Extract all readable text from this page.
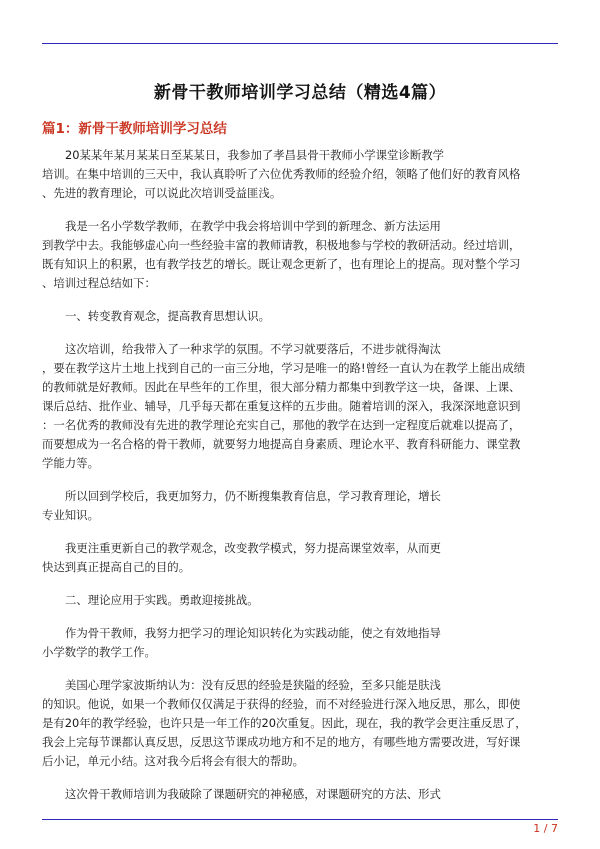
新骨干教师培训学习总结（精选4篇）
篇1：新骨干教师培训学习总结
20某某年某月某某日至某某日，我参加了孝昌县骨干教师小学课堂诊断教学
培训。在集中培训的三天中，我认真聆听了六位优秀教师的经验介绍，领略了他们好的教育风格
、先进的教育理论，可以说此次培训受益匪浅。
我是一名小学数学教师，在教学中我会将培训中学到的新理念、新方法运用
到教学中去。我能够虚心向一些经验丰富的教师请教，积极地参与学校的教研活动。经过培训，
既有知识上的积累，也有教学技艺的增长。既让观念更新了，也有理论上的提高。现对整个学习
、培训过程总结如下：
一、转变教育观念，提高教育思想认识。
这次培训，给我带入了一种求学的氛围。不学习就要落后，不进步就得淘汰
，要在教学这片土地上找到自己的一亩三分地，学习是唯一的路!曾经一直认为在教学上能出成绩
的教师就是好教师。因此在早些年的工作里，很大部分精力都集中到教学这一块，备课、上课、
课后总结、批作业、辅导，几乎每天都在重复这样的五步曲。随着培训的深入，我深深地意识到
：一名优秀的教师没有先进的教学理论充实自己，那他的教学在达到一定程度后就难以提高了，
而要想成为一名合格的骨干教师，就要努力地提高自身素质、理论水平、教育科研能力、课堂教
学能力等。
所以回到学校后，我更加努力，仍不断搜集教育信息，学习教育理论，增长
专业知识。
我更注重更新自己的教学观念，改变教学模式，努力提高课堂效率，从而更
快达到真正提高自己的目的。
二、理论应用于实践。勇敢迎接挑战。
作为骨干教师，我努力把学习的理论知识转化为实践动能，使之有效地指导
小学数学的教学工作。
美国心理学家波斯纳认为：没有反思的经验是狭隘的经验，至多只能是肤浅
的知识。他说，如果一个教师仅仅满足于获得的经验，而不对经验进行深入地反思，那么，即使
是有20年的教学经验，也许只是一年工作的20次重复。因此，现在，我的教学会更注重反思了，
我会上完每节课都认真反思，反思这节课成功地方和不足的地方，有哪些地方需要改进，写好课
后小记，单元小结。这对我今后将会有很大的帮助。
这次骨干教师培训为我破除了课题研究的神秘感，对课题研究的方法、形式
1 / 7
